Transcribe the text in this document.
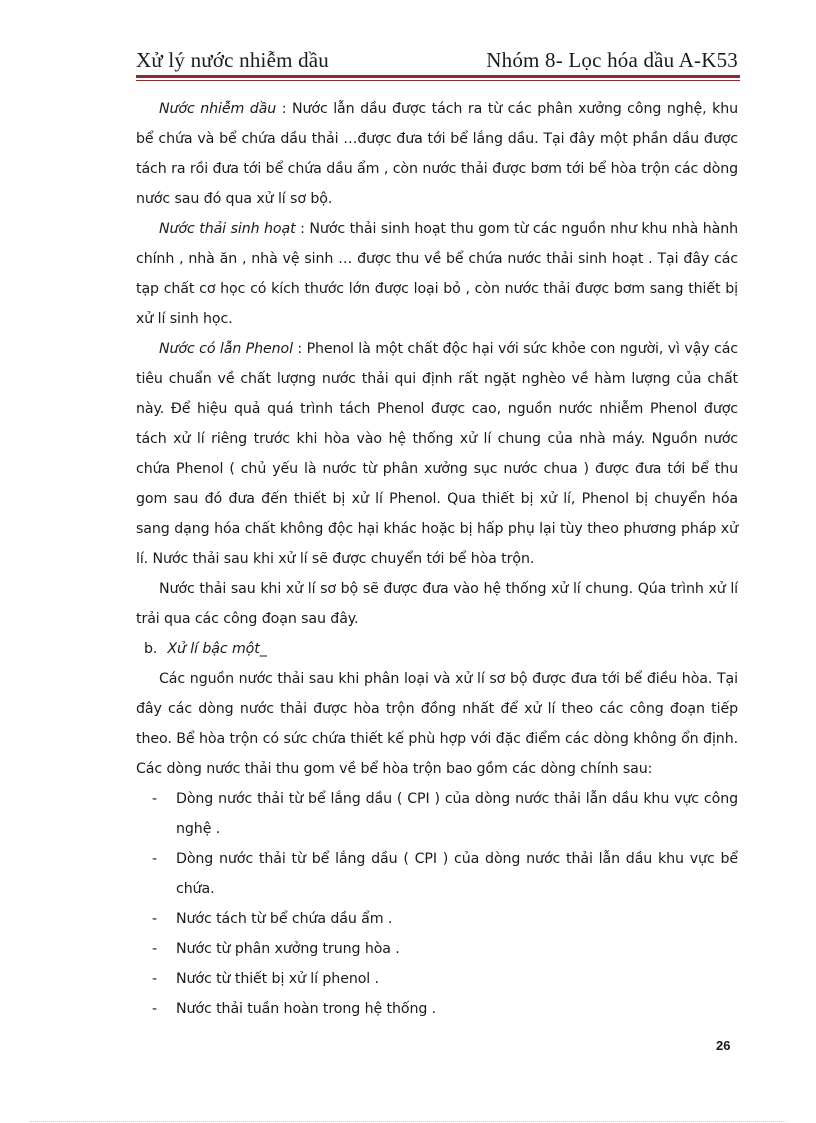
Xử lý nước nhiễm dầu	Nhóm 8- Lọc hóa dầu A-K53

Nước nhiễm dầu : Nước lẫn dầu được tách ra từ các phân xưởng công nghệ, khu bể chứa và bể chứa dầu thải …được đưa tới bể lắng dầu. Tại đây một phần dầu được tách ra rồi đưa tới bể chứa dầu ẩm , còn nước thải được bơm tới bể hòa trộn các dòng nước sau đó qua xử lí sơ bộ.

Nước thải sinh hoạt : Nước thải sinh hoạt thu gom từ các nguồn như khu nhà hành chính , nhà ăn , nhà vệ sinh … được thu về bể chứa nước thải sinh hoạt . Tại đây các tạp chất cơ học có kích thước lớn được loại bỏ , còn nước thải được bơm sang thiết bị xử lí sinh học.

Nước có lẫn Phenol : Phenol là một chất độc hại với sức khỏe con người, vì vậy các tiêu chuẩn về chất lượng nước thải qui định rất ngặt nghèo về hàm lượng của chất này. Để hiệu quả quá trình tách Phenol được cao, nguồn nước nhiễm Phenol được tách xử lí riêng trước khi hòa vào hệ thống xử lí chung của nhà máy. Nguồn nước chứa Phenol ( chủ yếu là nước từ phân xưởng sục nước chua ) được đưa tới bể thu gom sau đó đưa đến thiết bị xử lí Phenol. Qua thiết bị xử lí, Phenol bị chuyển hóa sang dạng hóa chất không độc hại khác hoặc bị hấp phụ lại tùy theo phương pháp xử lí. Nước thải sau khi xử lí sẽ được chuyển tới bể hòa trộn.

Nước thải sau khi xử lí sơ bộ sẽ được đưa vào hệ thống xử lí chung. Qúa trình xử lí trải qua các công đoạn sau đây.

b. Xử lí bậc một_

Các nguồn nước thải sau khi phân loại và xử lí sơ bộ được đưa tới bể điều hòa. Tại đây các dòng nước thải được hòa trộn đồng nhất để xử lí theo các công đoạn tiếp theo. Bể hòa trộn có sức chứa thiết kế phù hợp với đặc điểm các dòng không ổn định. Các dòng nước thải thu gom về bể hòa trộn bao gồm các dòng chính sau:

- Dòng nước thải từ bể lắng dầu ( CPI ) của dòng nước thải lẫn dầu khu vực công nghệ .
- Dòng nước thải từ bể lắng dầu ( CPI ) của dòng nước thải lẫn dầu khu vực bể chứa.
- Nước tách từ bể chứa dầu ẩm .
- Nước từ phân xưởng trung hòa .
- Nước từ thiết bị xử lí phenol .
- Nước thải tuần hoàn trong hệ thống .
26
